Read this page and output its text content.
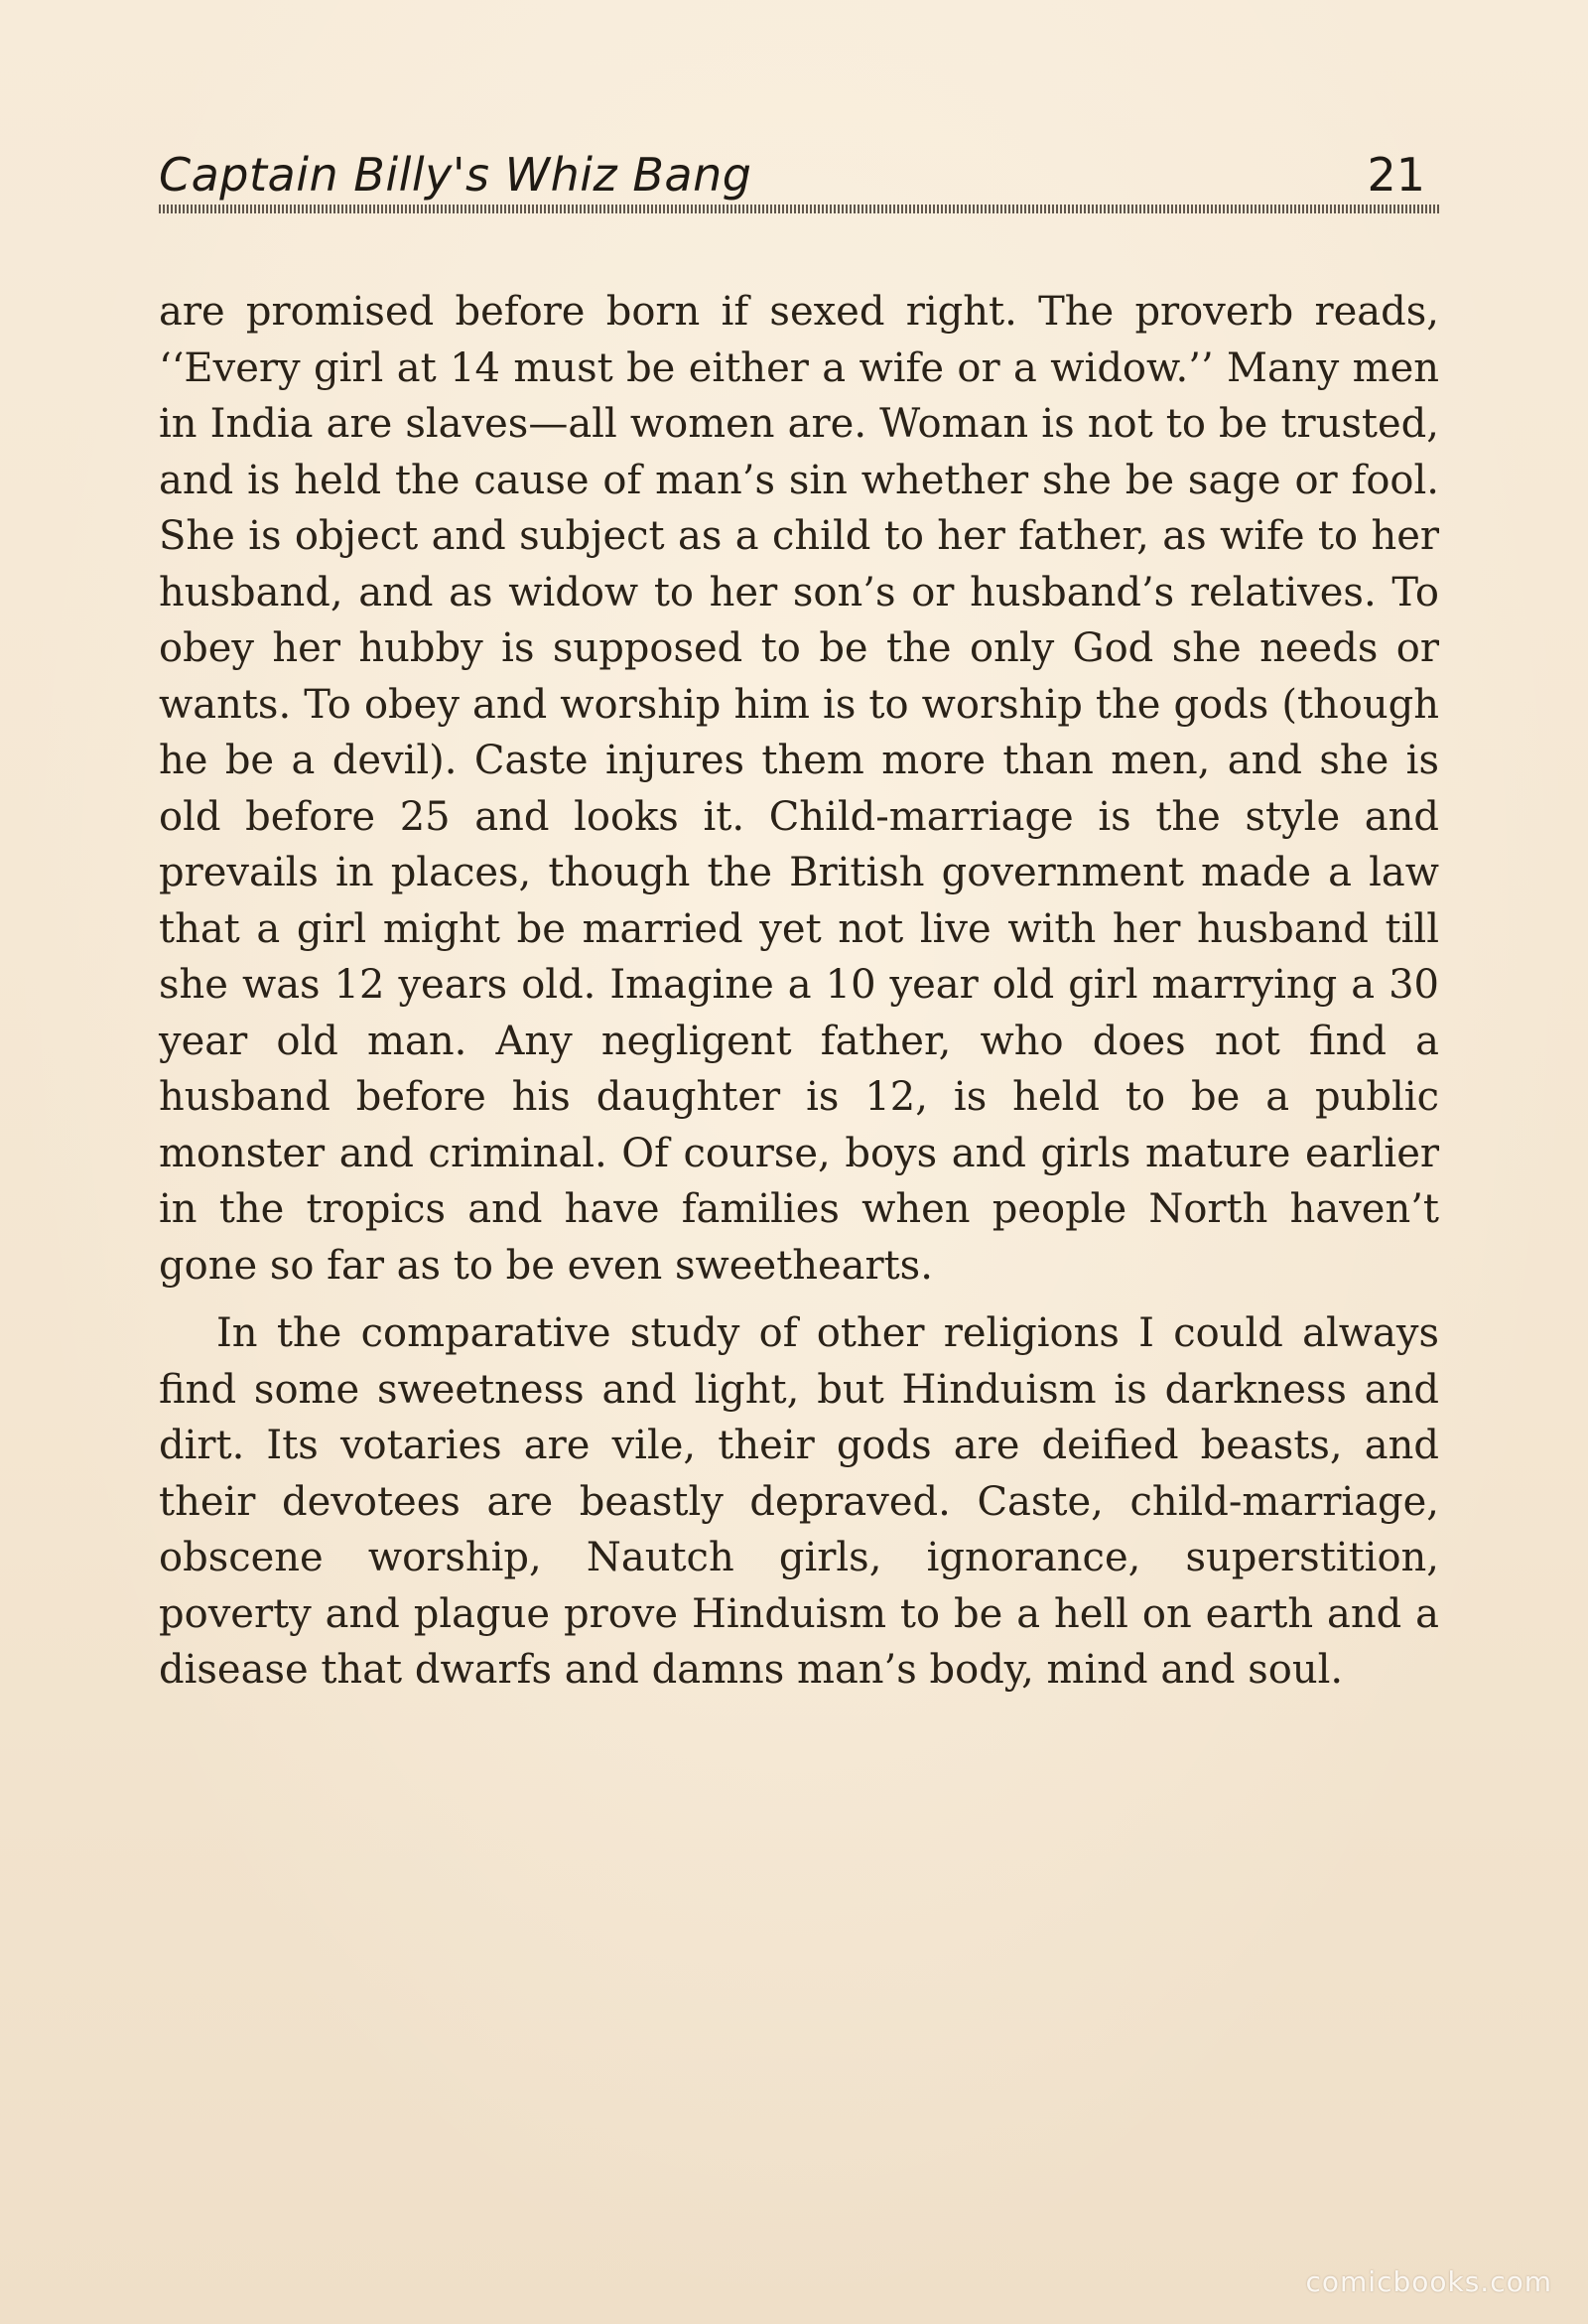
Captain Billy's Whiz Bang	21

are promised before born if sexed right. The proverb reads, ‘‘Every girl at 14 must be either a wife or a widow.’’ Many men in India are slaves—all women are. Woman is not to be trusted, and is held the cause of man’s sin whether she be sage or fool. She is object and subject as a child to her father, as wife to her husband, and as widow to her son’s or husband’s relatives. To obey her hubby is supposed to be the only God she needs or wants. To obey and worship him is to worship the gods (though he be a devil). Caste injures them more than men, and she is old before 25 and looks it. Child-marriage is the style and prevails in places, though the British government made a law that a girl might be married yet not live with her husband till she was 12 years old. Imagine a 10 year old girl marrying a 30 year old man. Any negligent father, who does not find a husband before his daughter is 12, is held to be a public monster and criminal. Of course, boys and girls mature earlier in the tropics and have families when people North haven’t gone so far as to be even sweethearts.

In the comparative study of other religions I could always find some sweetness and light, but Hinduism is darkness and dirt. Its votaries are vile, their gods are deified beasts, and their devotees are beastly depraved. Caste, child-marriage, obscene worship, Nautch girls, ignorance, superstition, poverty and plague prove Hinduism to be a hell on earth and a disease that dwarfs and damns man’s body, mind and soul.

comicbooks.com
